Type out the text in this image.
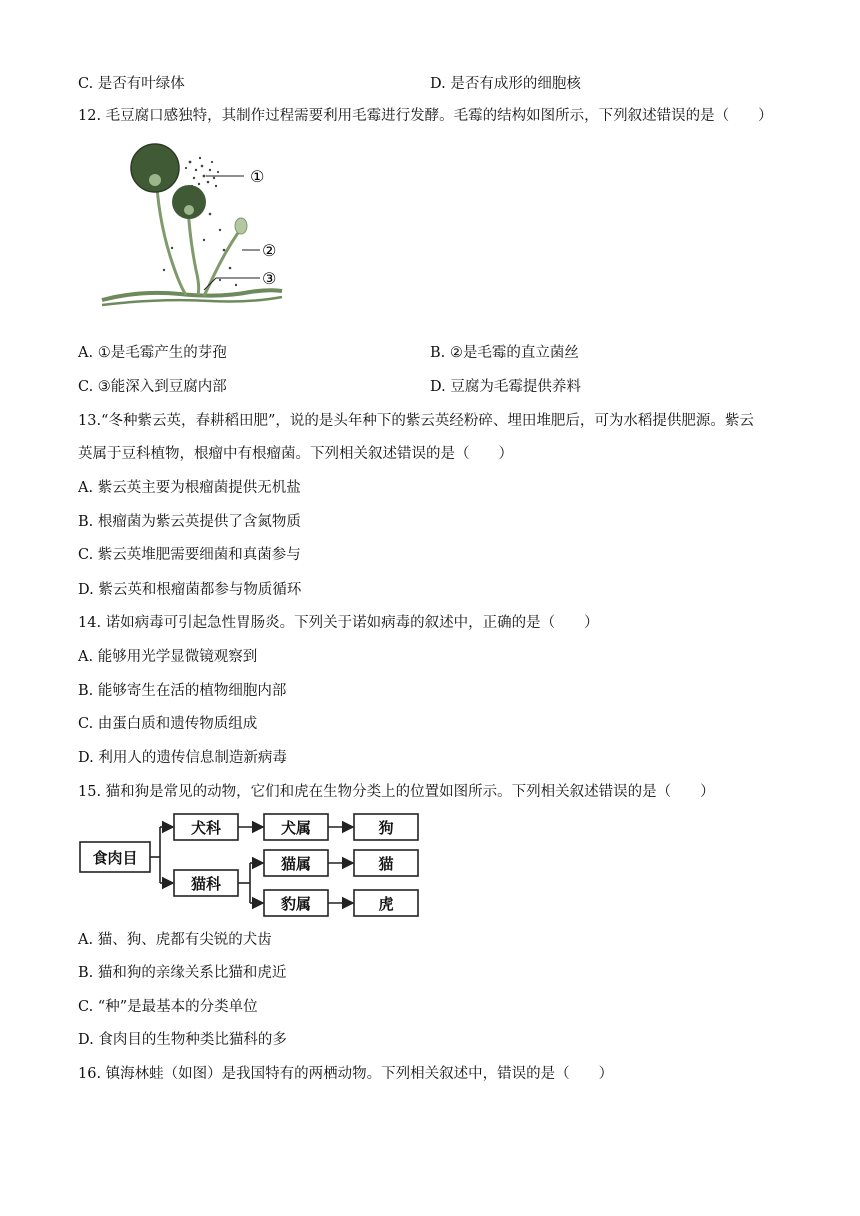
C. 是否有叶绿体	D. 是否有成形的细胞核
12. 毛豆腐口感独特，其制作过程需要利用毛霉进行发酵。毛霉的结构如图所示，下列叙述错误的是（　　）
①
②
③
A. ①是毛霉产生的芽孢	B. ②是毛霉的直立菌丝
C. ③能深入到豆腐内部	D. 豆腐为毛霉提供养料
13.“冬种紫云英，春耕稻田肥”，说的是头年种下的紫云英经粉碎、埋田堆肥后，可为水稻提供肥源。紫云
英属于豆科植物，根瘤中有根瘤菌。下列相关叙述错误的是（　　）
A. 紫云英主要为根瘤菌提供无机盐
B. 根瘤菌为紫云英提供了含氮物质
C. 紫云英堆肥需要细菌和真菌参与
D. 紫云英和根瘤菌都参与物质循环
14. 诺如病毒可引起急性胃肠炎。下列关于诺如病毒的叙述中，正确的是（　　）
A. 能够用光学显微镜观察到
B. 能够寄生在活的植物细胞内部
C. 由蛋白质和遗传物质组成
D. 利用人的遗传信息制造新病毒
15. 猫和狗是常见的动物，它们和虎在生物分类上的位置如图所示。下列相关叙述错误的是（　　）
食肉目
犬科
猫科
犬属
猫属
豹属
狗
猫
虎
A. 猫、狗、虎都有尖锐的犬齿
B. 猫和狗的亲缘关系比猫和虎近
C. “种”是最基本的分类单位
D. 食肉目的生物种类比猫科的多
16. 镇海林蛙（如图）是我国特有的两栖动物。下列相关叙述中，错误的是（　　）
